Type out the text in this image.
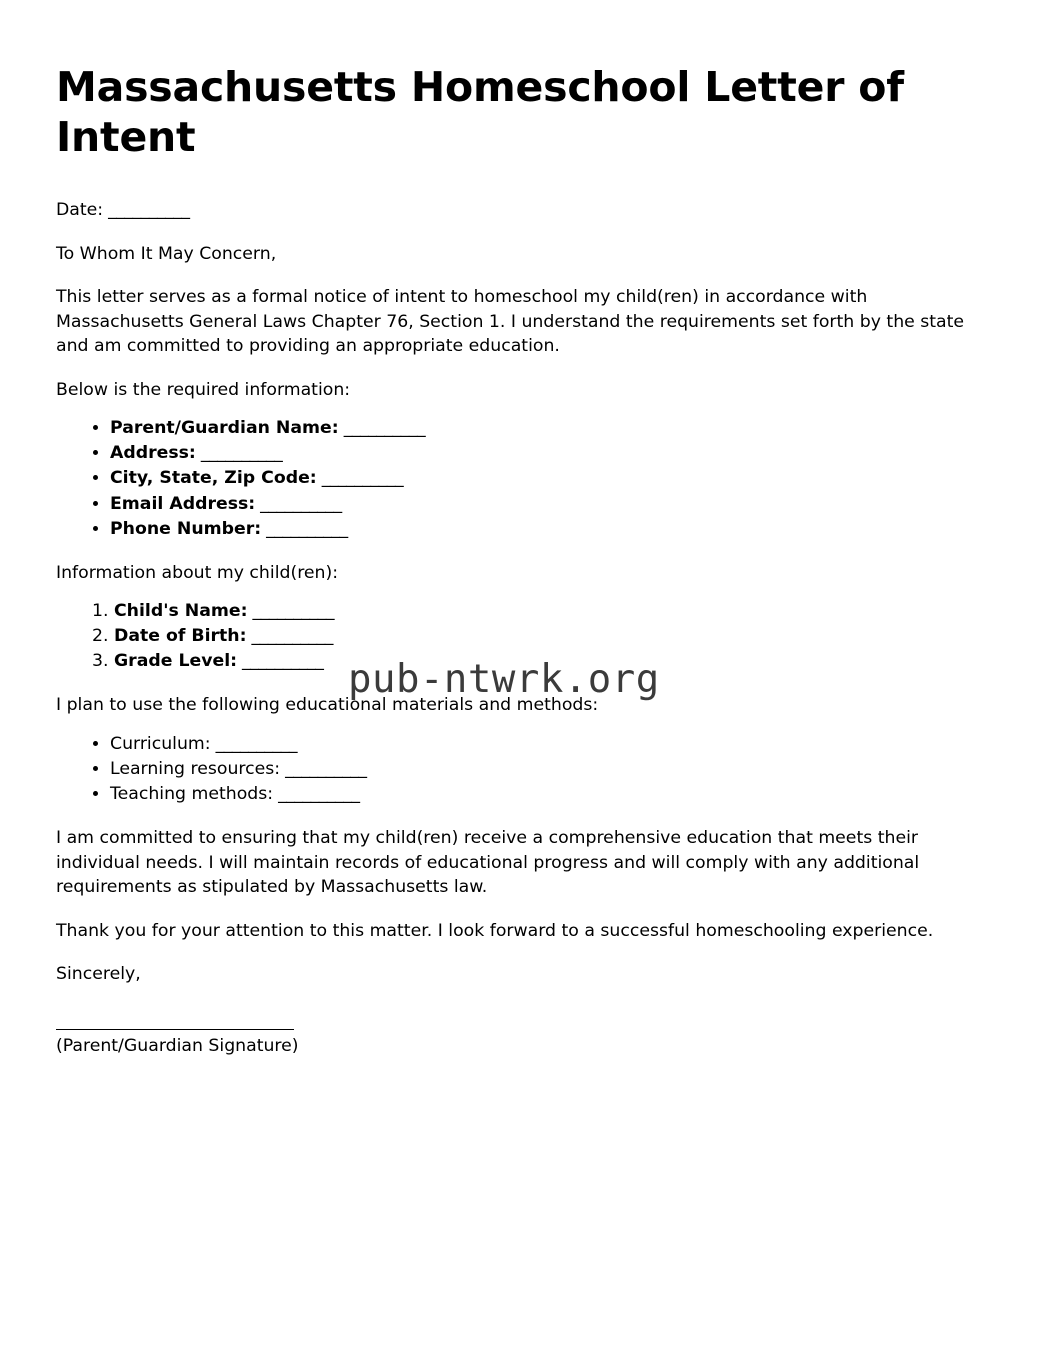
Massachusetts Homeschool Letter of Intent

Date: __________

To Whom It May Concern,

This letter serves as a formal notice of intent to homeschool my child(ren) in accordance with Massachusetts General Laws Chapter 76, Section 1. I understand the requirements set forth by the state and am committed to providing an appropriate education.

Below is the required information:

• Parent/Guardian Name: __________
• Address: __________
• City, State, Zip Code: __________
• Email Address: __________
• Phone Number: __________

Information about my child(ren):

1. Child's Name: __________
2. Date of Birth: __________
3. Grade Level: __________

I plan to use the following educational materials and methods:

• Curriculum: __________
• Learning resources: __________
• Teaching methods: __________

I am committed to ensuring that my child(ren) receive a comprehensive education that meets their individual needs. I will maintain records of educational progress and will comply with any additional requirements as stipulated by Massachusetts law.

Thank you for your attention to this matter. I look forward to a successful homeschooling experience.

Sincerely,

(Parent/Guardian Signature)

pub-ntwrk.org
